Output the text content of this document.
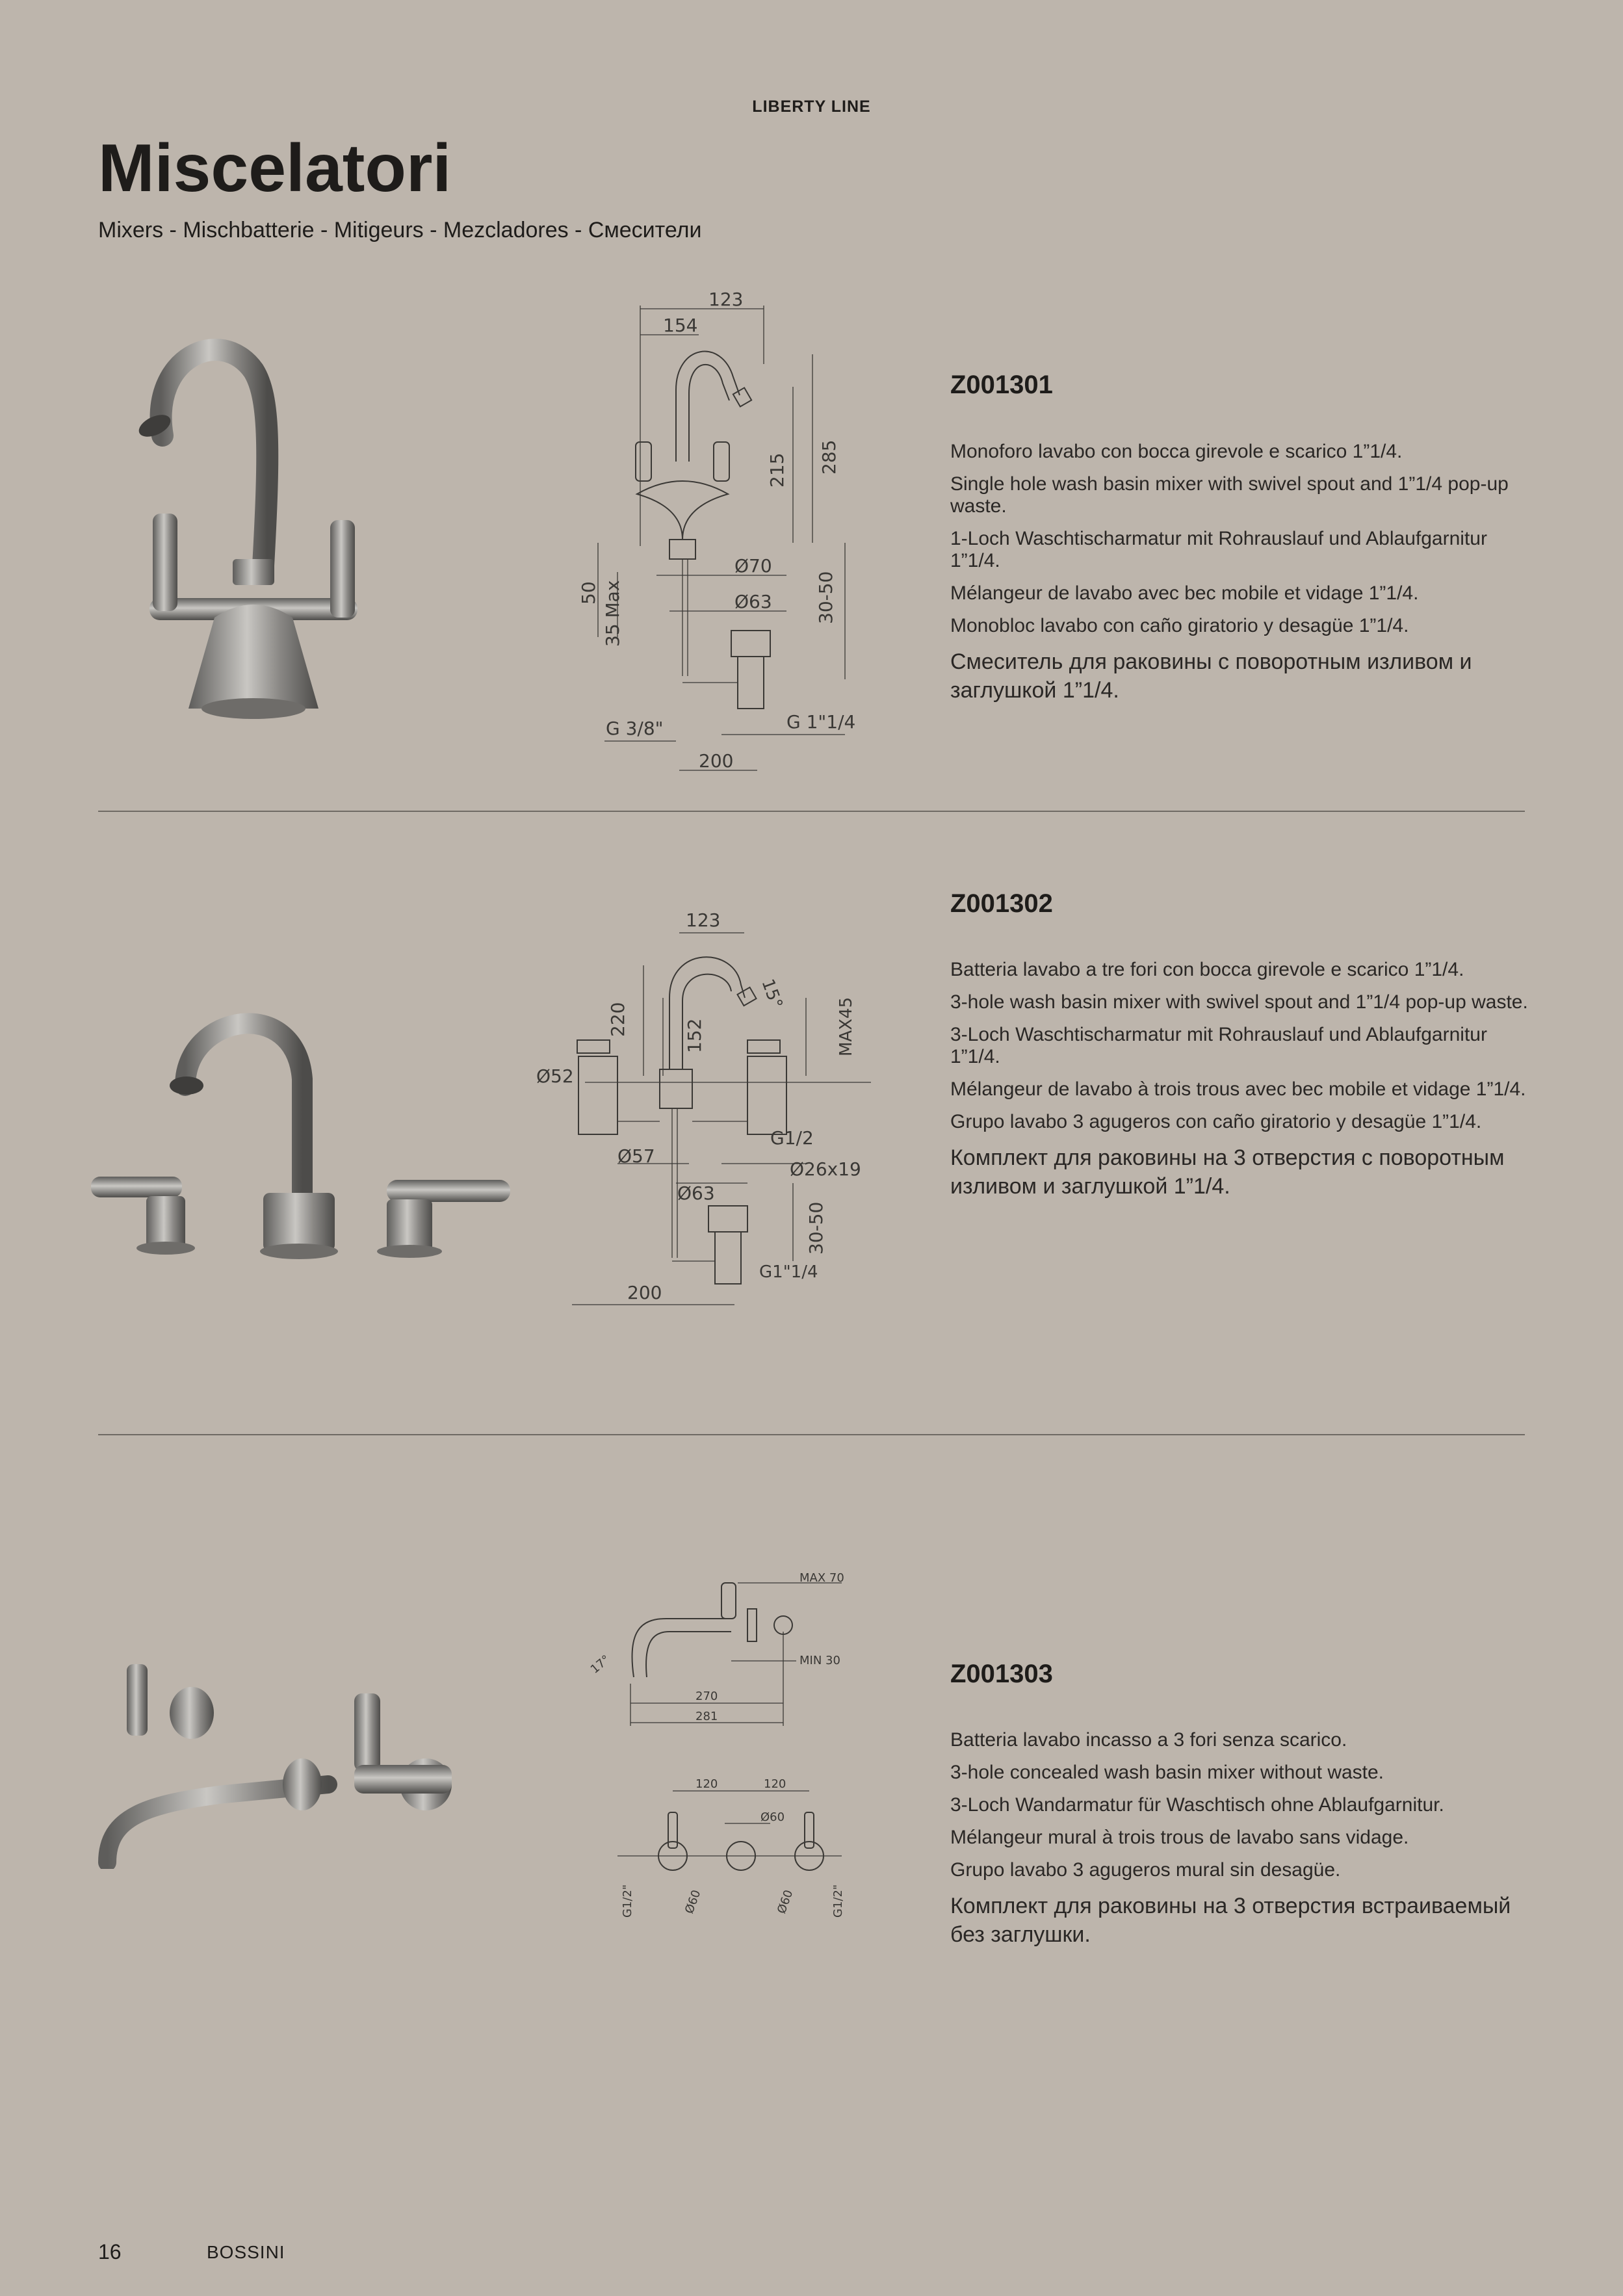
LIBERTY LINE
Miscelatori
Mixers - Mischbatterie - Mitigeurs - Mezcladores - Смесители
123
154
285
215
Ø70
Ø63
50 35 Max	30-50
G 3/8"	G 1"1/4
200
Z001301
Monoforo lavabo con bocca girevole e scarico 1”1/4.
Single hole wash basin mixer with swivel spout and 1”1/4 pop-up waste.
1-Loch Waschtischarmatur mit Rohrauslauf und Ablaufgarnitur 1”1/4.
Mélangeur de lavabo avec bec mobile et vidage 1”1/4.
Monobloc lavabo con caño giratorio y desagüe 1”1/4.
Смеситель для раковины с поворотным изливом и заглушкой 1”1/4.
123
220	152
15°
MAX45
Ø52
G1/2
Ø57
Ø26x19
Ø63
30-50
G1"1/4
200
Z001302
Batteria lavabo a tre fori con bocca girevole e scarico 1”1/4.
3-hole wash basin mixer with swivel spout and 1”1/4 pop-up waste.
3-Loch Waschtischarmatur mit Rohrauslauf und Ablaufgarnitur 1”1/4.
Mélangeur de lavabo à trois trous avec bec mobile et vidage 1”1/4.
Grupo lavabo 3 agugeros con caño giratorio y desagüe 1”1/4.
Комплект для раковины на 3 отверстия с поворотным изливом и заглушкой 1”1/4.
MAX 70
MIN 30
17°
270
281
120	120
Ø60
G1/2"	Ø60	Ø60	G1/2"
Z001303
Batteria lavabo incasso a 3 fori senza scarico.
3-hole concealed wash basin mixer without waste.
3-Loch Wandarmatur für Waschtisch ohne Ablaufgarnitur.
Mélangeur mural à trois trous de lavabo sans vidage.
Grupo lavabo 3 agugeros mural sin desagüe.
Комплект для раковины на 3 отверстия встраиваемый без заглушки.
16	BOSSINI
